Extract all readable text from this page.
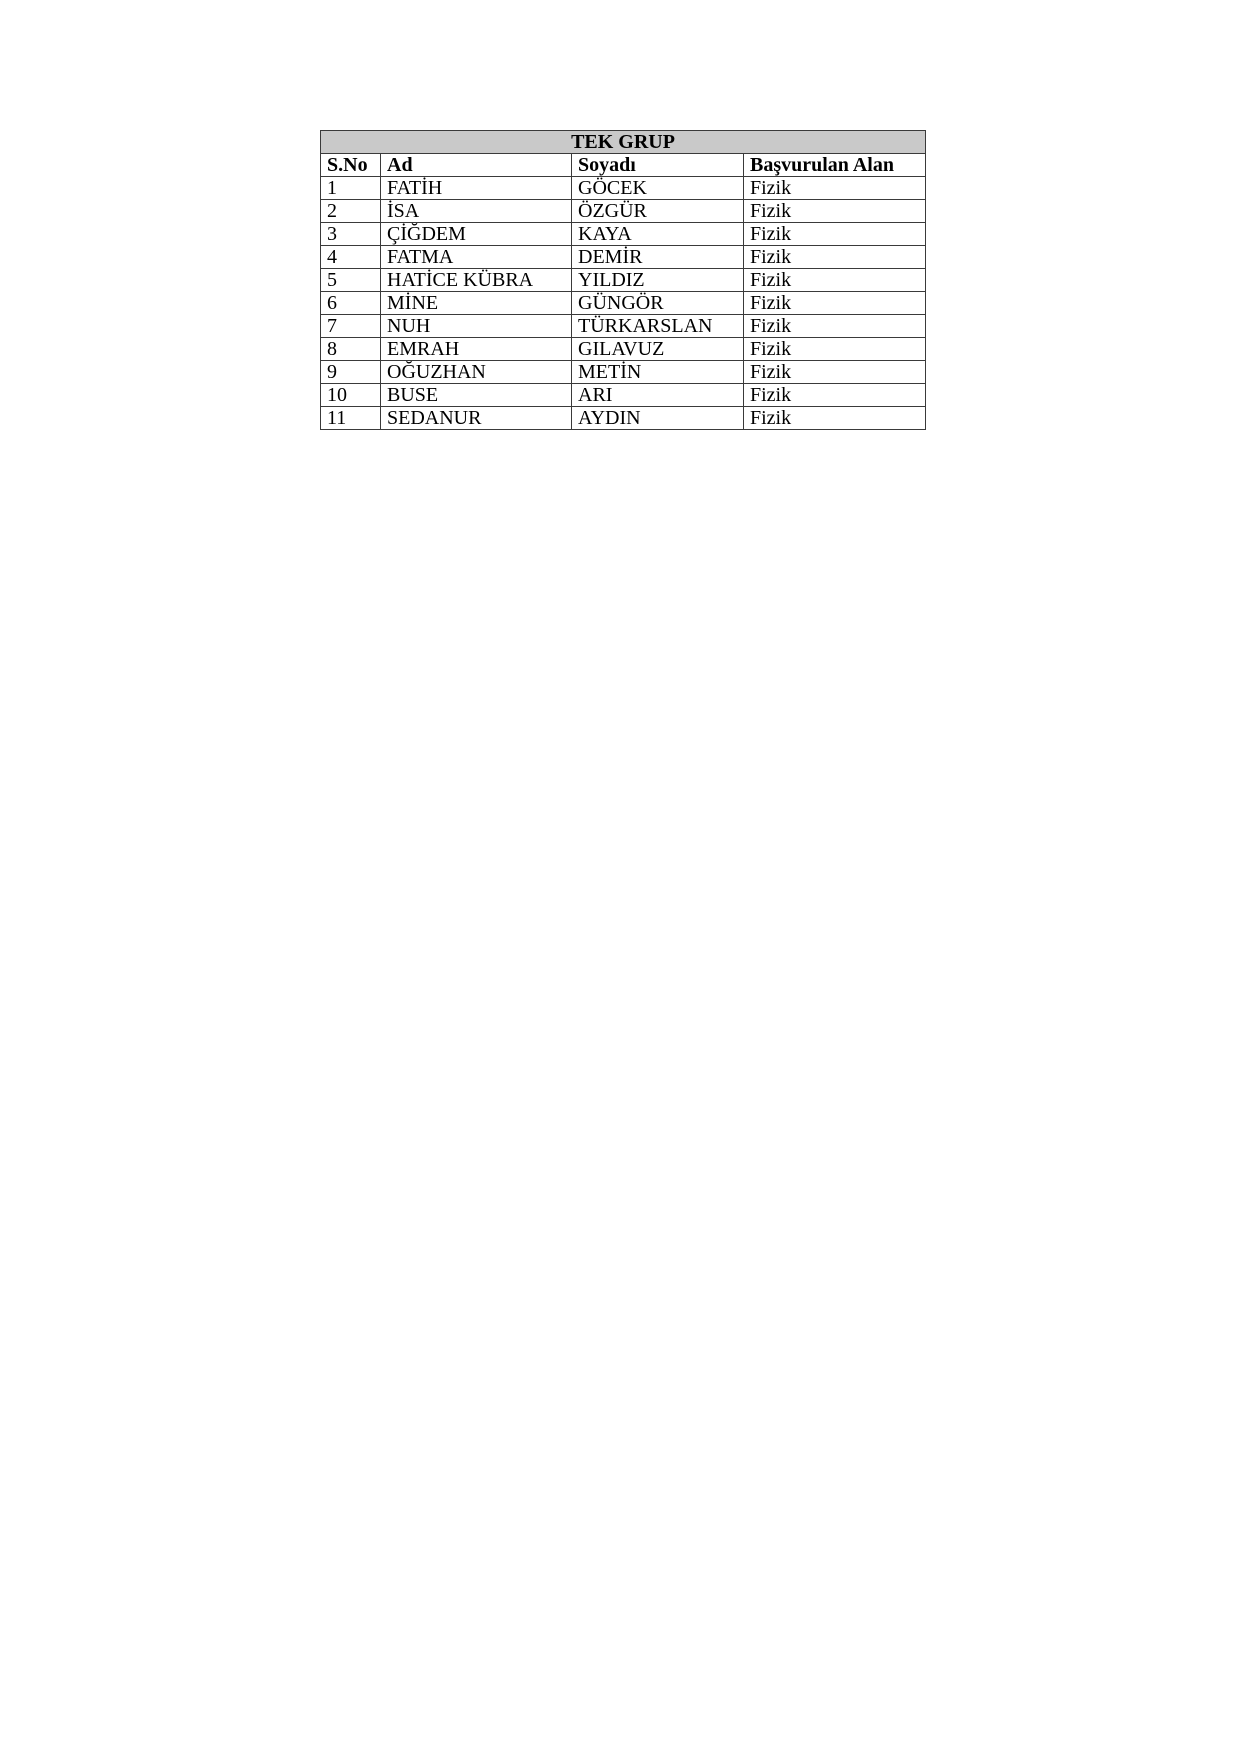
TEK GRUP			
S.No	Ad	Soyadı	Başvurulan Alan
1	FATİH	GÖCEK	Fizik
2	İSA	ÖZGÜR	Fizik
3	ÇİĞDEM	KAYA	Fizik
4	FATMA	DEMİR	Fizik
5	HATİCE KÜBRA	YILDIZ	Fizik
6	MİNE	GÜNGÖR	Fizik
7	NUH	TÜRKARSLAN	Fizik
8	EMRAH	GILAVUZ	Fizik
9	OĞUZHAN	METİN	Fizik
10	BUSE	ARI	Fizik
11	SEDANUR	AYDIN	Fizik
